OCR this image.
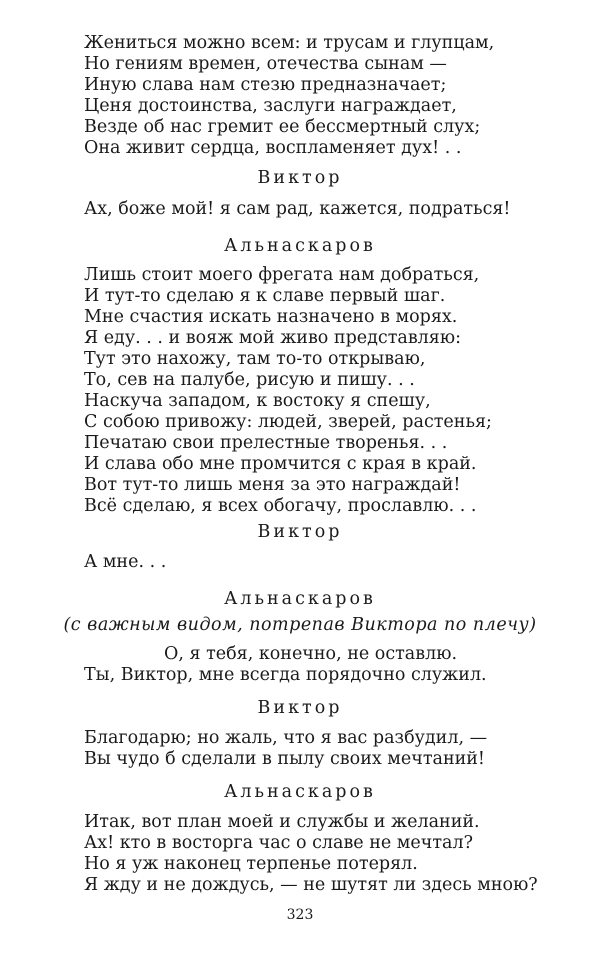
Жениться можно всем: и трусам и глупцам,
Но гениям времен, отечества сынам —
Иную слава нам стезю предназначает;
Ценя достоинства, заслуги награждает,
Везде об нас гремит ее бессмертный слух;
Она живит сердца, воспламеняет дух! . .
Виктор
Ах, боже мой! я сам рад, кажется, подраться!
Альнаскаров
Лишь стоит моего фрегата нам добраться,
И тут-то сделаю я к славе первый шаг.
Мне счастия искать назначено в морях.
Я еду. . . и вояж мой живо представляю:
Тут это нахожу, там то-то открываю,
То, сев на палубе, рисую и пишу. . .
Наскуча западом, к востоку я спешу,
С собою привожу: людей, зверей, растенья;
Печатаю свои прелестные творенья. . .
И слава обо мне промчится с края в край.
Вот тут-то лишь меня за это награждай!
Всё сделаю, я всех обогачу, прославлю. . .
Виктор
А мне. . .
Альнаскаров
(с важным видом, потрепав Виктора по плечу)
О, я тебя, конечно, не оставлю.
Ты, Виктор, мне всегда порядочно служил.
Виктор
Благодарю; но жаль, что я вас разбудил, —
Вы чудо б сделали в пылу своих мечтаний!
Альнаскаров
Итак, вот план моей и службы и желаний.
Ах! кто в восторга час о славе не мечтал?
Но я уж наконец терпенье потерял.
Я жду и не дождусь, — не шутят ли здесь мною?
323
